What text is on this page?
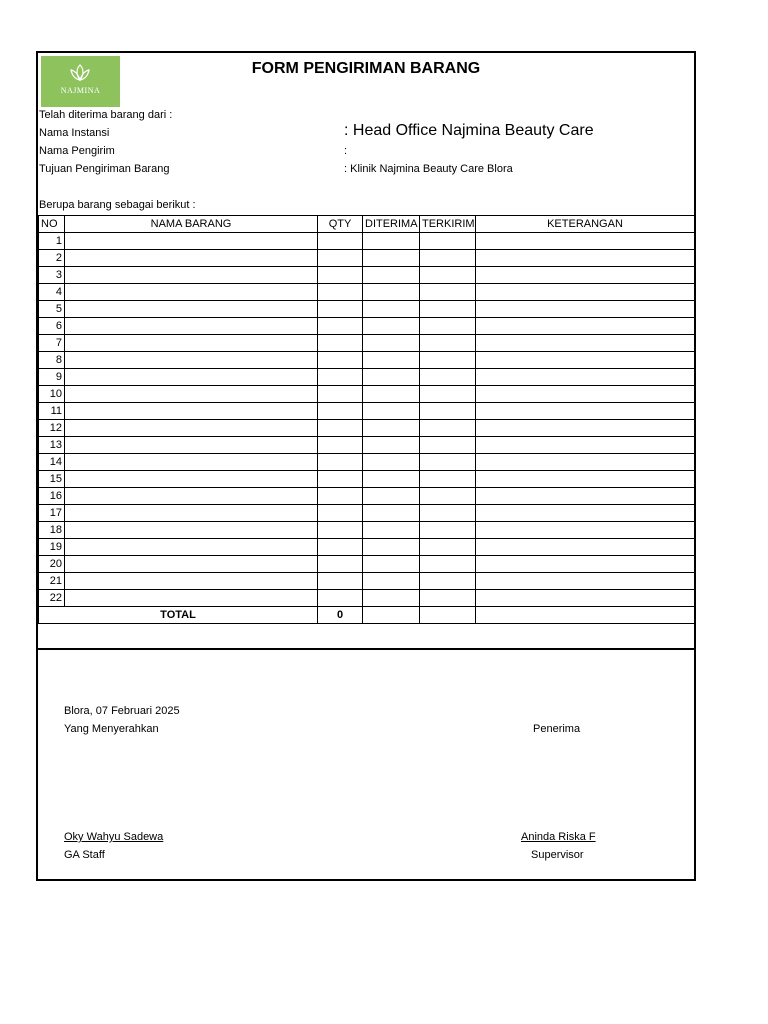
NAJMINA
FORM PENGIRIMAN BARANG
Telah diterima barang dari :
Nama Instansi	: Head Office Najmina Beauty Care
Nama Pengirim	:
Tujuan Pengiriman Barang	: Klinik Najmina Beauty Care Blora
Berupa barang sebagai berikut :
NO	NAMA BARANG	QTY	DITERIMA	TERKIRIM	KETERANGAN
1					
2					
3					
4					
5					
6					
7					
8					
9					
10					
11					
12					
13					
14					
15					
16					
17					
18					
19					
20					
21					
22					
TOTAL		0			
Blora, 07 Februari 2025
Yang Menyerahkan	Penerima
Oky Wahyu Sadewa
GA Staff
Aninda Riska F
Supervisor
